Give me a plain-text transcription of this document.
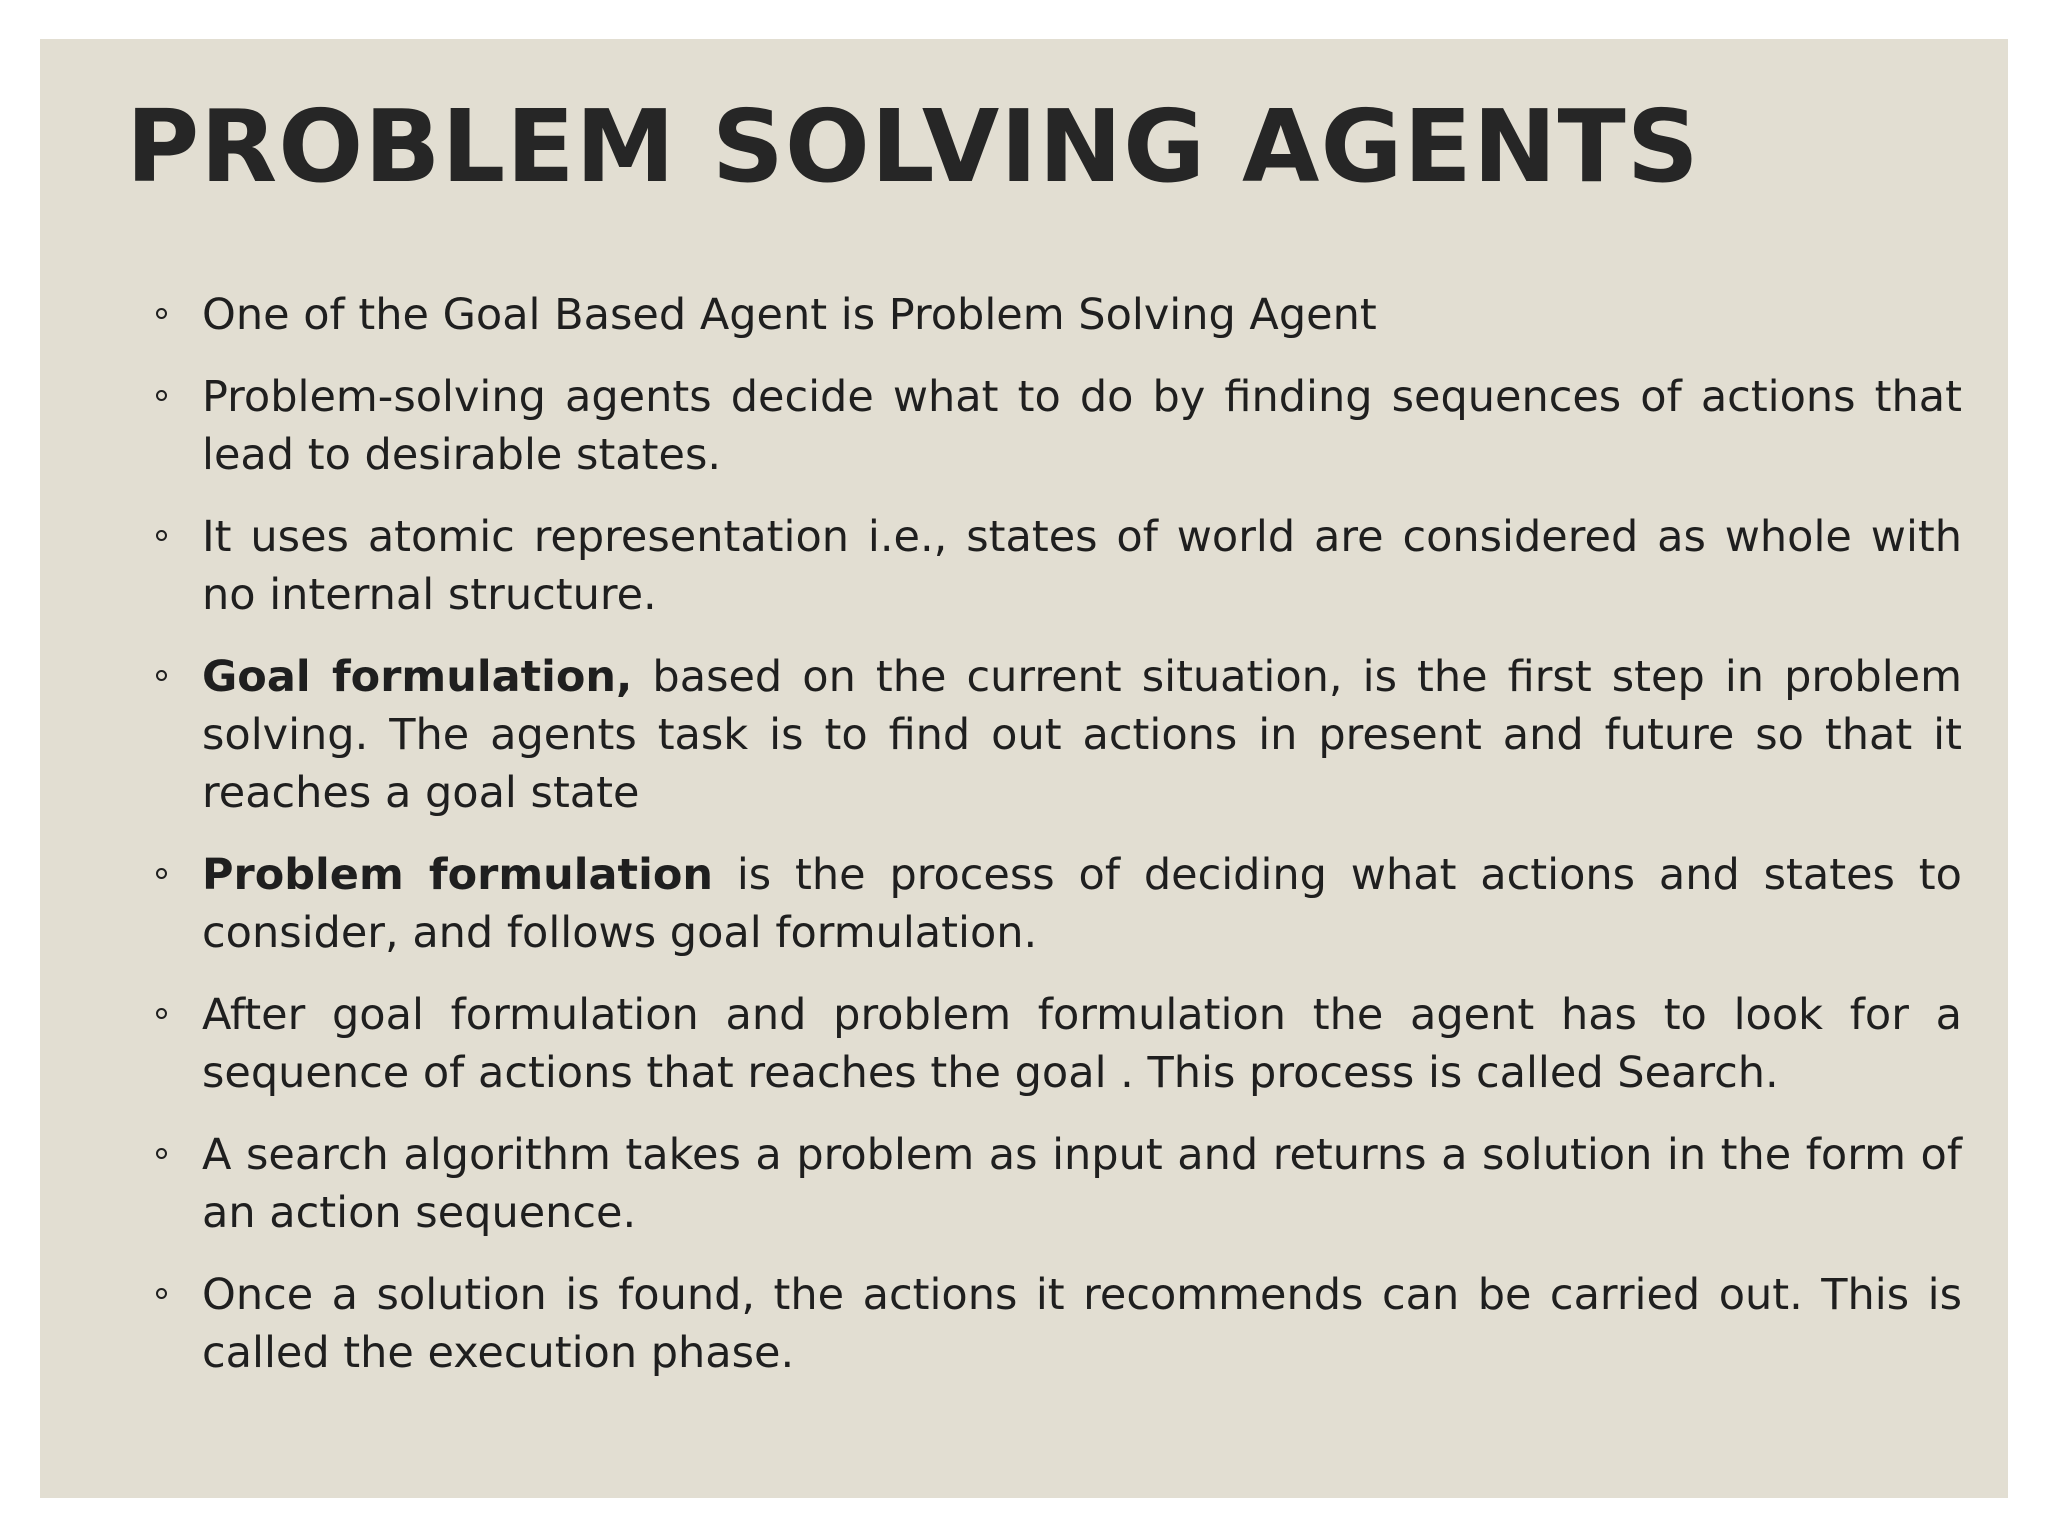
PROBLEM SOLVING AGENTS
One of the Goal Based Agent is Problem Solving Agent
Problem-solving agents decide what to do by finding sequences of actions that lead to desirable states.
It uses atomic representation i.e., states of world are considered as whole with no internal structure.
Goal formulation, based on the current situation, is the first step in problem solving. The agents task is to find out actions in present and future so that it reaches a goal state
Problem formulation is the process of deciding what actions and states to consider, and follows goal formulation.
After goal formulation and problem formulation the agent has to look for a sequence of actions that reaches the goal . This process is called Search.
A search algorithm takes a problem as input and returns a solution in the form of an action sequence.
Once a solution is found, the actions it recommends can be carried out. This is called the execution phase.
